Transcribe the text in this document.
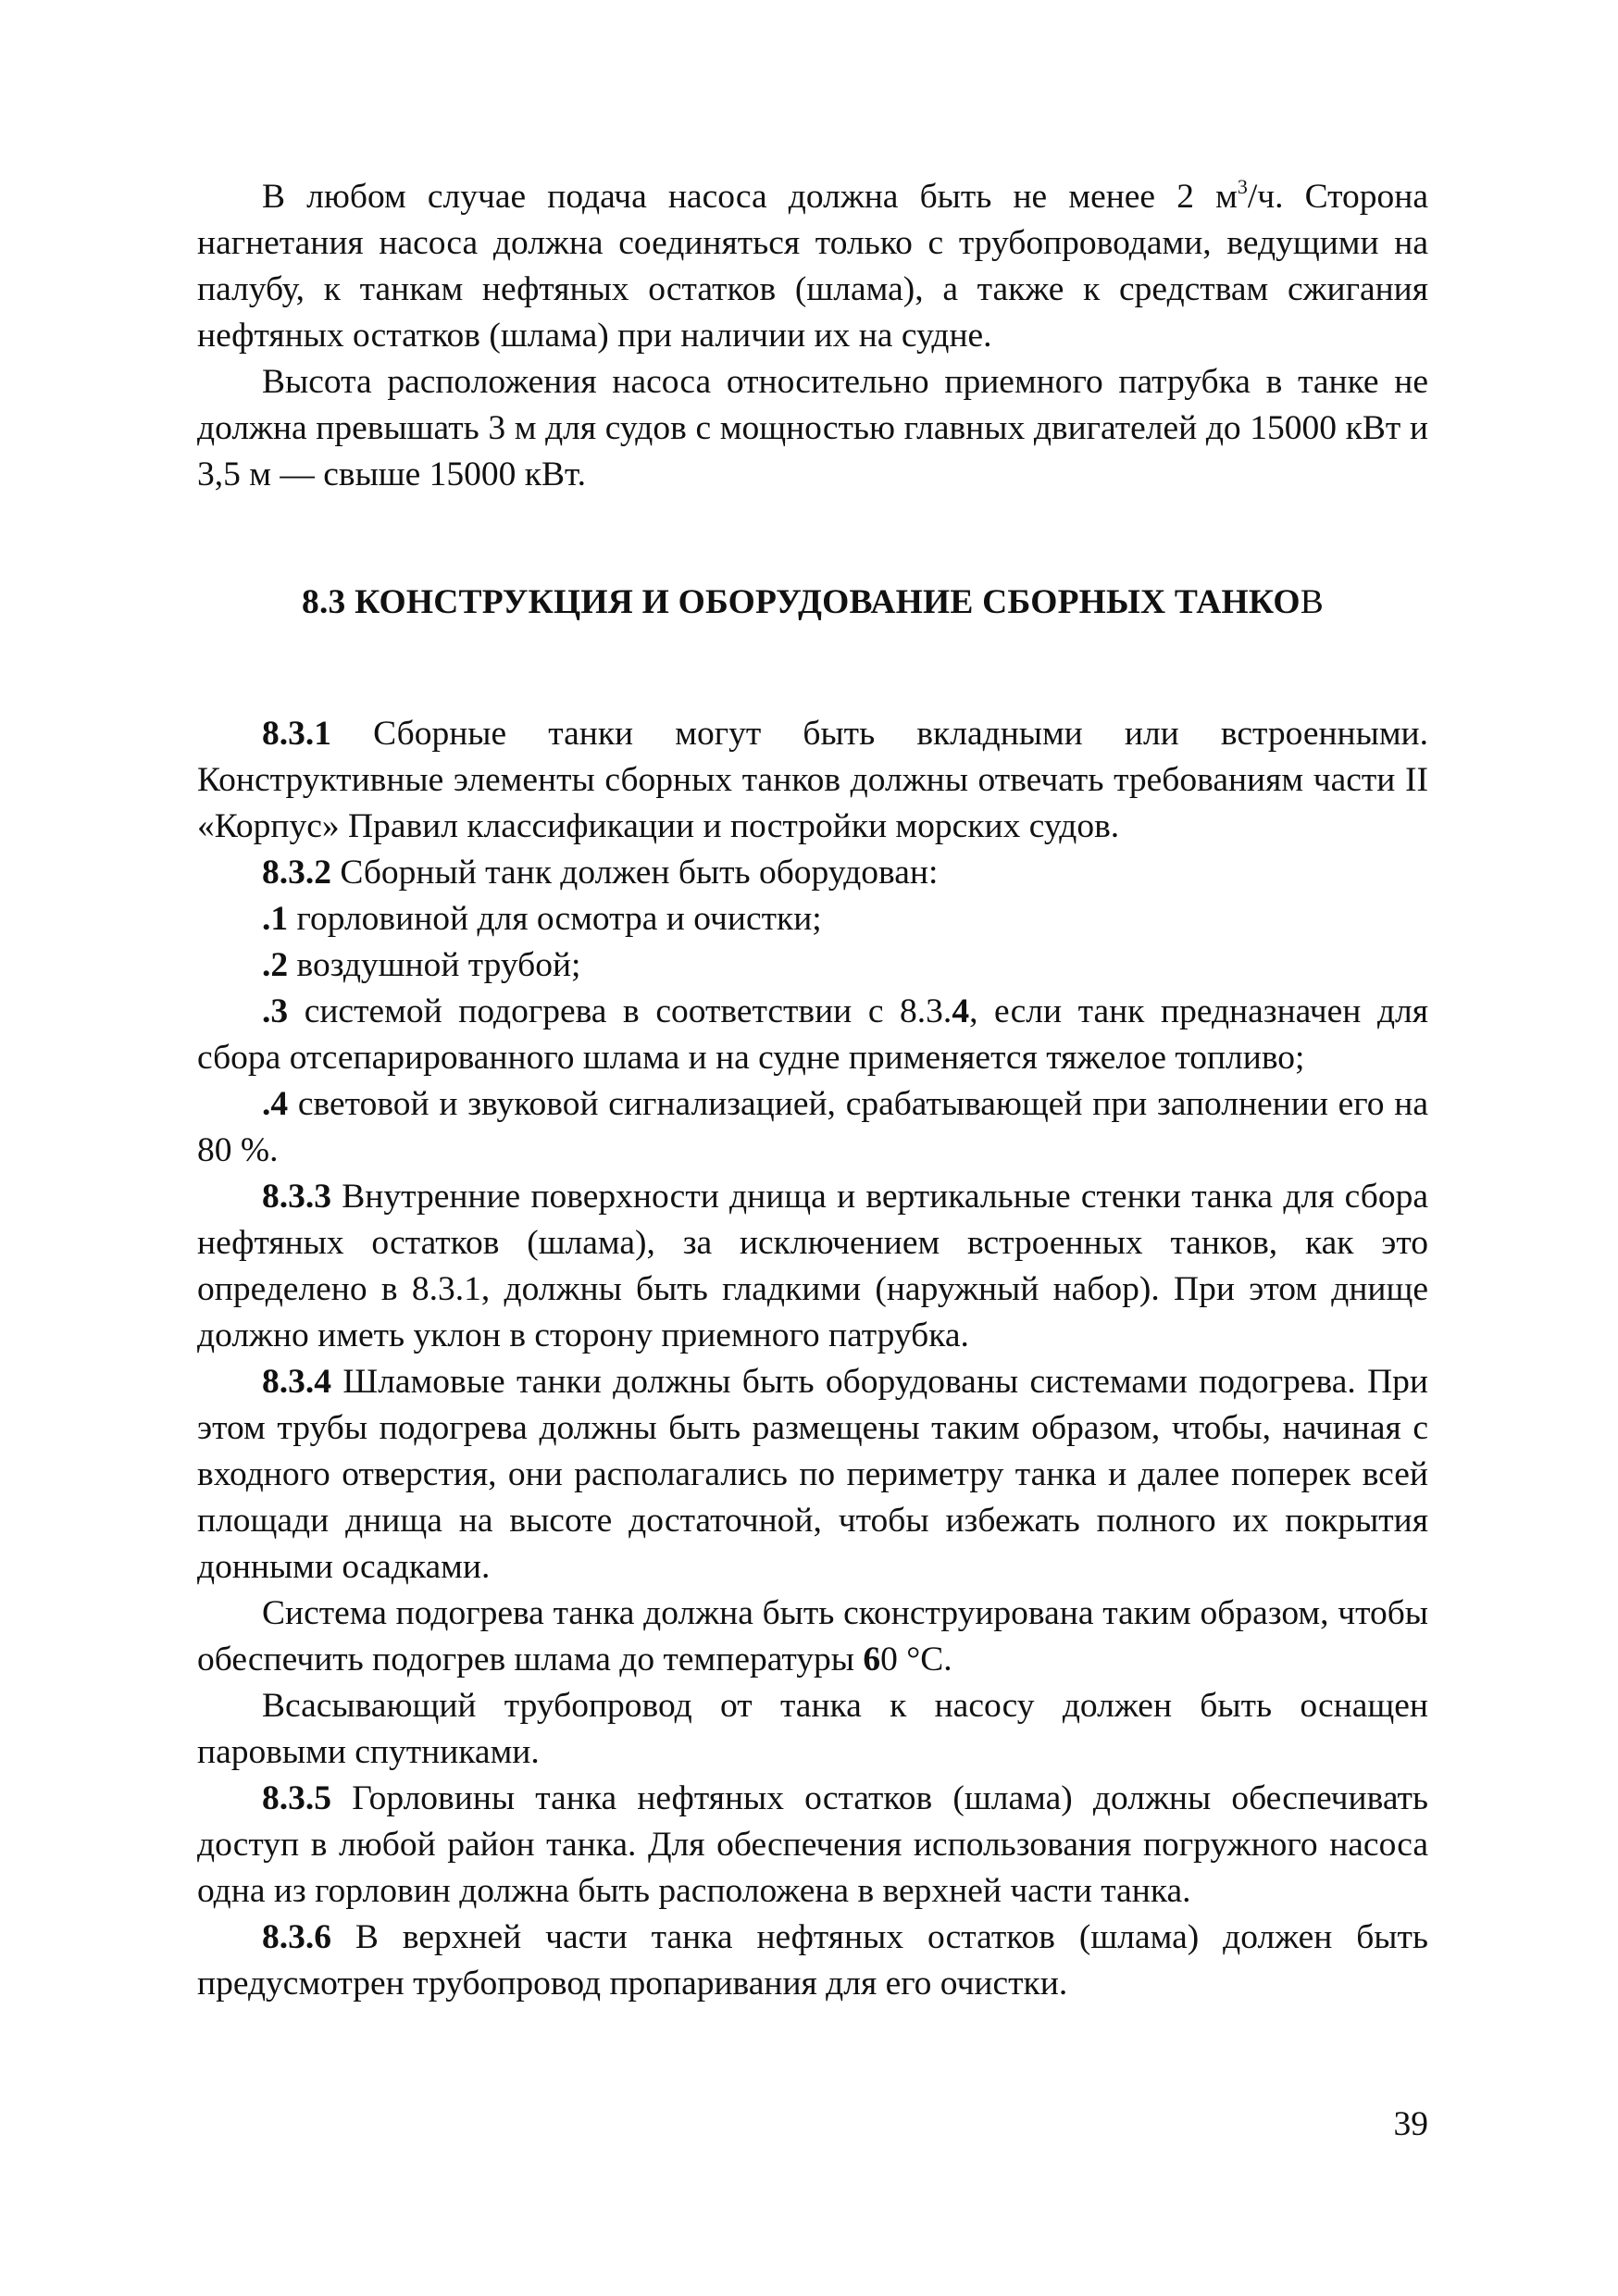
В любом случае подача насоса должна быть не менее 2 $м^3/ч$. Сторона нагнетания насоса должна соединяться только с трубопроводами, ведущими на палубу, к танкам нефтяных остатков (шлама), а также к средствам сжигания нефтяных остатков (шлама) при наличии их на судне.

Высота расположения насоса относительно приемного патрубка в танке не должна превышать 3 м для судов с мощностью главных двигателей до 15000 кВт и 3,5 м — свыше 15000 кВт.

8.3 КОНСТРУКЦИЯ И ОБОРУДОВАНИЕ СБОРНЫХ ТАНКОВ

8.3.1 Сборные танки могут быть вкладными или встроенными. Конструктивные элементы сборных танков должны отвечать требованиям части II «Корпус» Правил классификации и постройки морских судов.

8.3.2 Сборный танк должен быть оборудован:

.1 горловиной для осмотра и очистки;

.2 воздушной трубой;

.3 системой подогрева в соответствии с 8.3.4, если танк предназначен для сбора отсепарированного шлама и на судне применяется тяжелое топливо;

.4 световой и звуковой сигнализацией, срабатывающей при заполнении его на 80 %.

8.3.3 Внутренние поверхности днища и вертикальные стенки танка для сбора нефтяных остатков (шлама), за исключением встроенных танков, как это определено в 8.3.1, должны быть гладкими (наружный набор). При этом днище должно иметь уклон в сторону приемного патрубка.

8.3.4 Шламовые танки должны быть оборудованы системами подогрева. При этом трубы подогрева должны быть размещены таким образом, чтобы, начиная с входного отверстия, они располагались по периметру танка и далее поперек всей площади днища на высоте достаточной, чтобы избежать полного их покрытия донными осадками.

Система подогрева танка должна быть сконструирована таким образом, чтобы обеспечить подогрев шлама до температуры 60 °С.

Всасывающий трубопровод от танка к насосу должен быть оснащен паровыми спутниками.

8.3.5 Горловины танка нефтяных остатков (шлама) должны обеспечивать доступ в любой район танка. Для обеспечения использования погружного насоса одна из горловин должна быть расположена в верхней части танка.

8.3.6 В верхней части танка нефтяных остатков (шлама) должен быть предусмотрен трубопровод пропаривания для его очистки.

39
